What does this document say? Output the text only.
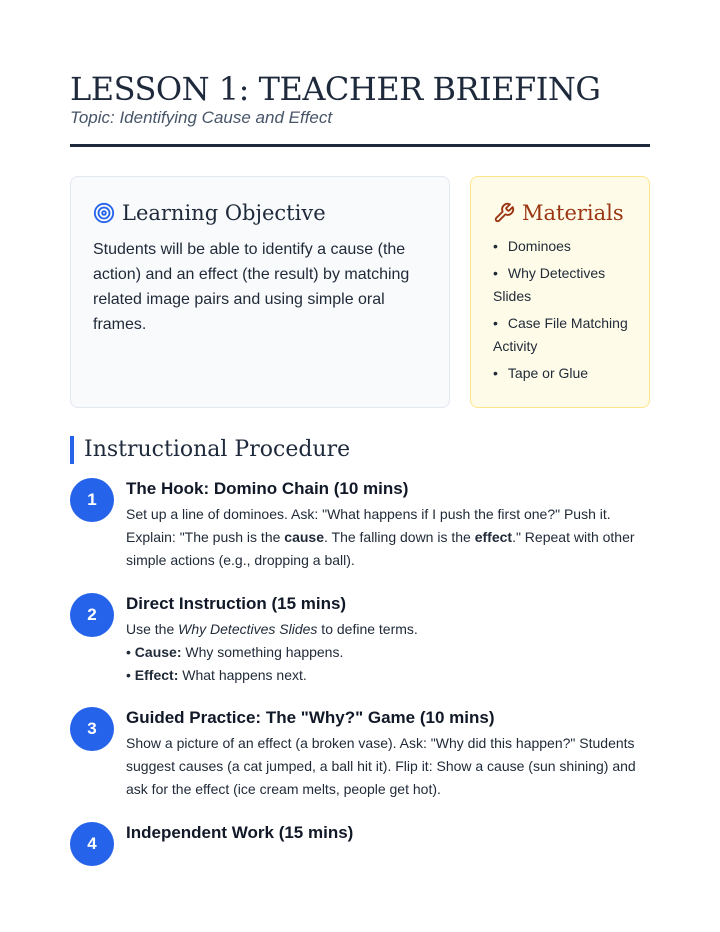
LESSON 1: TEACHER BRIEFING
Topic: Identifying Cause and Effect
Learning Objective

Students will be able to identify a cause (the action) and an effect (the result) by matching related image pairs and using simple oral frames.

Materials
• Dominoes
• Why Detectives Slides
• Case File Matching Activity
• Tape or Glue
Instructional Procedure
1
The Hook: Domino Chain (10 mins)

Set up a line of dominoes. Ask: "What happens if I push the first one?" Push it. Explain: "The push is the cause. The falling down is the effect." Repeat with other simple actions (e.g., dropping a ball).

2
Direct Instruction (15 mins)

Use the Why Detectives Slides to define terms.

• Cause: Why something happens.

• Effect: What happens next.

3
Guided Practice: The "Why?" Game (10 mins)

Show a picture of an effect (a broken vase). Ask: "Why did this happen?" Students suggest causes (a cat jumped, a ball hit it). Flip it: Show a cause (sun shining) and ask for the effect (ice cream melts, people get hot).

4
Independent Work (15 mins)
